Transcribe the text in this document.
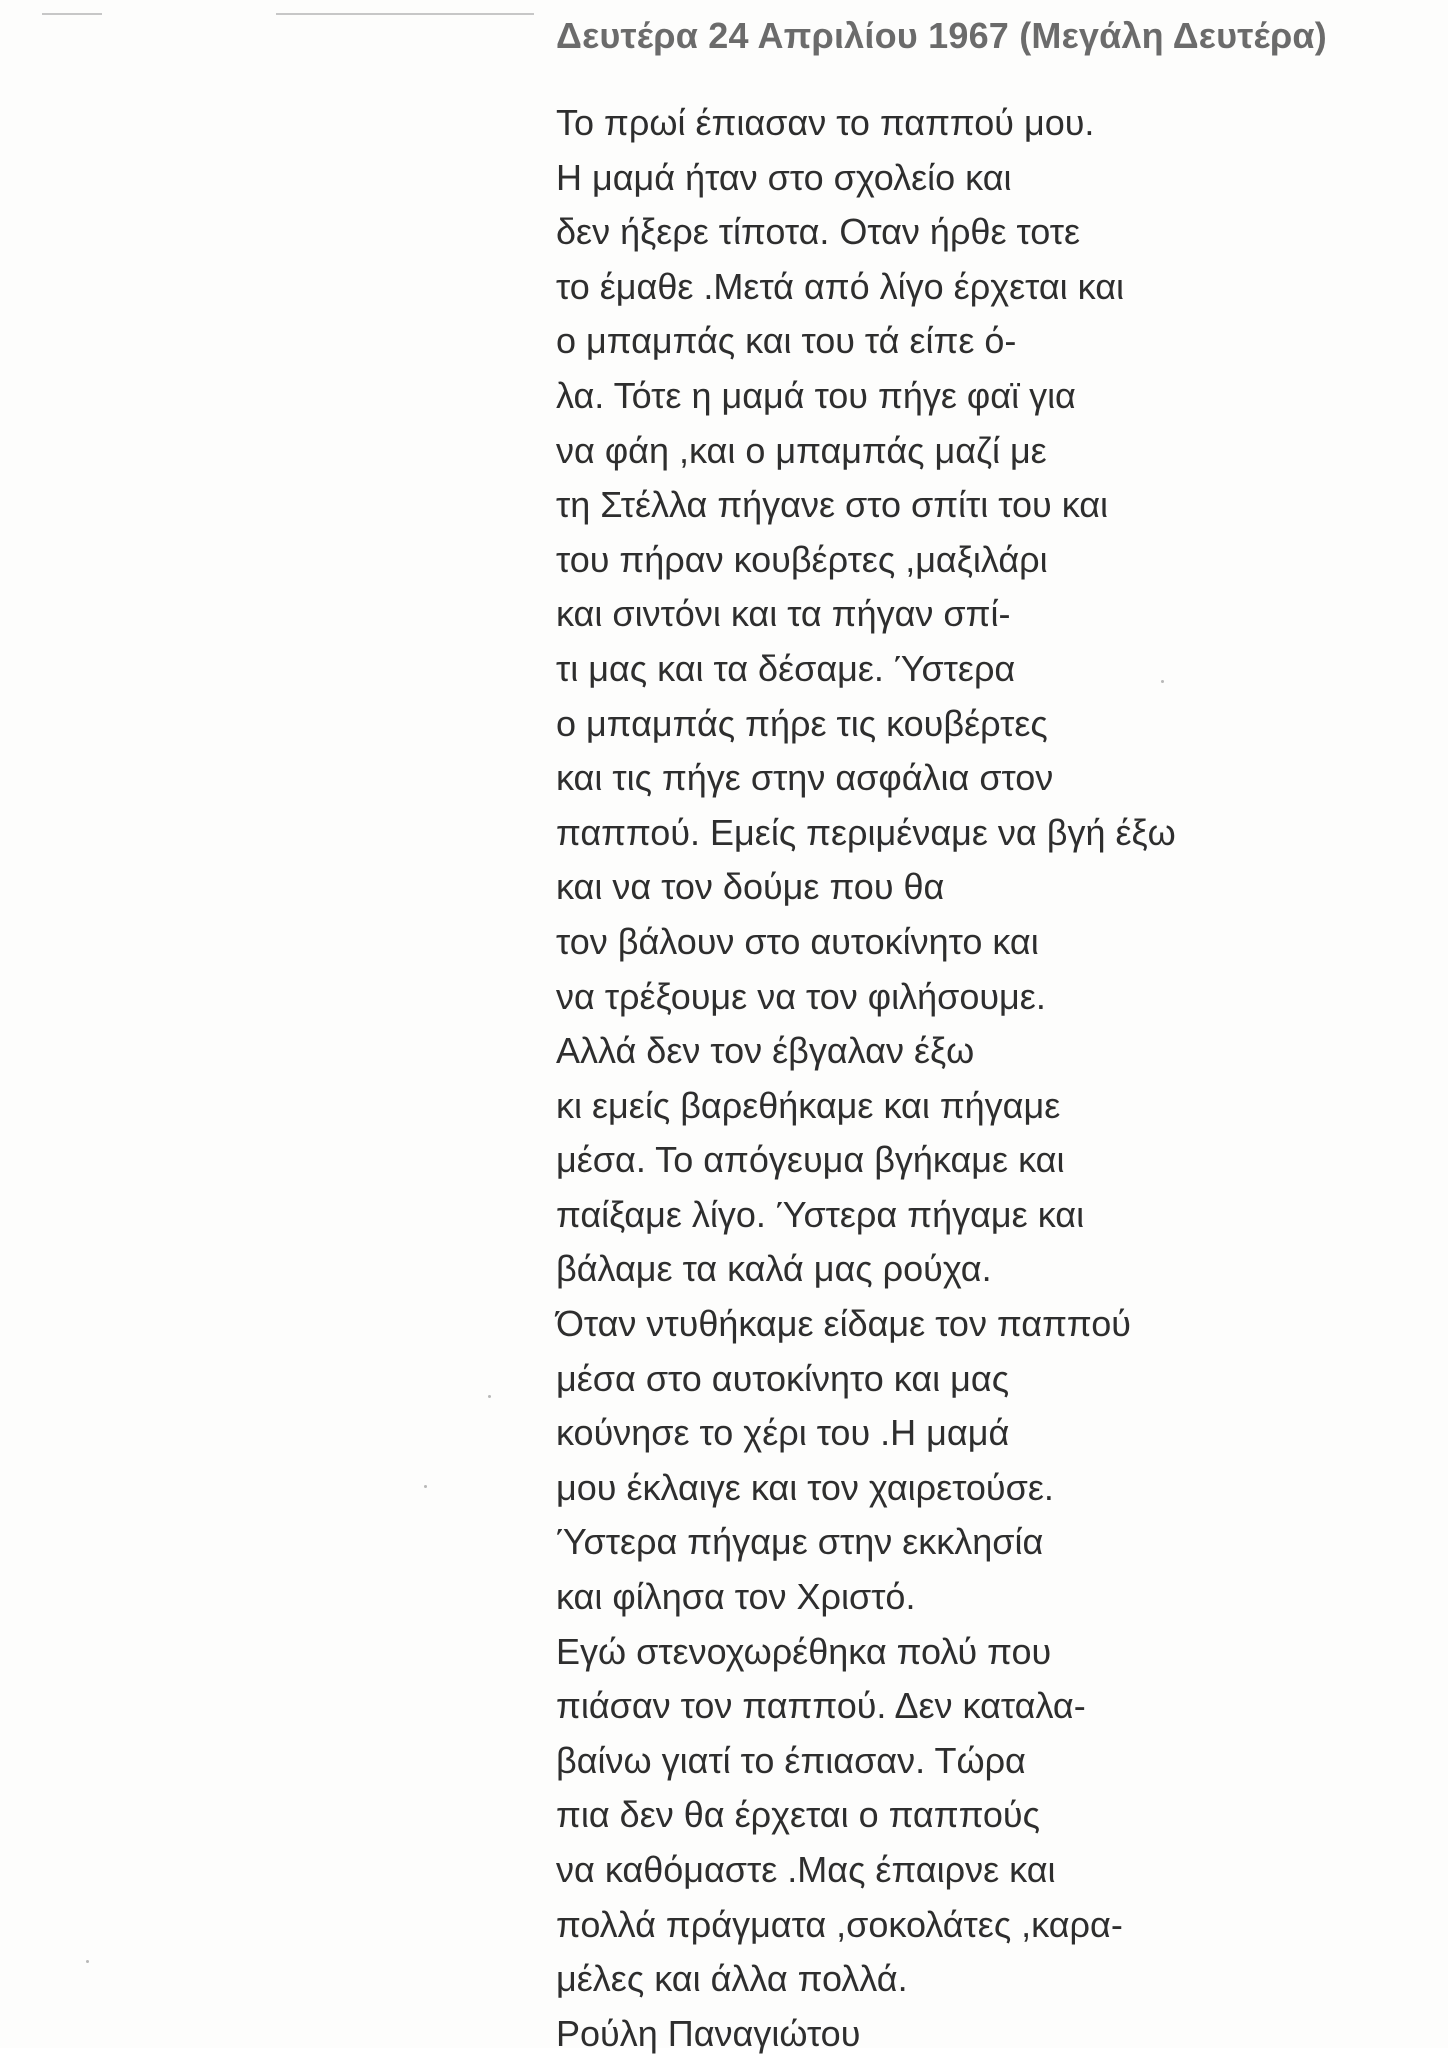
Δευτέρα 24 Απριλίου 1967 (Μεγάλη Δευτέρα)
Το πρωί έπιασαν το παππού μου.
Η μαμά ήταν στο σχολείο και
δεν ήξερε τίποτα. Οταν ήρθε τοτε
το έμαθε .Μετά από λίγο έρχεται και
ο μπαμπάς και του τά είπε ό-
λα. Τότε η μαμά του πήγε φαϊ για
να φάη ,και ο μπαμπάς μαζί με
τη Στέλλα πήγανε στο σπίτι του και
του πήραν κουβέρτες ,μαξιλάρι
και σιντόνι και τα πήγαν σπί-
τι μας και τα δέσαμε. Ύστερα
ο μπαμπάς πήρε τις κουβέρτες
και τις πήγε στην ασφάλια στον
παππού. Εμείς περιμέναμε να βγή έξω
και να τον δούμε που θα
τον βάλουν στο αυτοκίνητο και
να τρέξουμε να τον φιλήσουμε.
Αλλά δεν τον έβγαλαν έξω
κι εμείς βαρεθήκαμε και πήγαμε
μέσα. Το απόγευμα βγήκαμε και
παίξαμε λίγο. Ύστερα πήγαμε και
βάλαμε τα καλά μας ρούχα.
Όταν ντυθήκαμε είδαμε τον παππού
μέσα στο αυτοκίνητο και μας
κούνησε το χέρι του .Η μαμά
μου έκλαιγε και τον χαιρετούσε.
Ύστερα πήγαμε στην εκκλησία
και φίλησα τον Χριστό.
Εγώ στενοχωρέθηκα πολύ που
πιάσαν τον παππού. Δεν καταλα-
βαίνω γιατί το έπιασαν. Τώρα
πια δεν θα έρχεται ο παππούς
να καθόμαστε .Μας έπαιρνε και
πολλά πράγματα ,σοκολάτες ,καρα-
μέλες και άλλα πολλά.
Ρούλη Παναγιώτου
